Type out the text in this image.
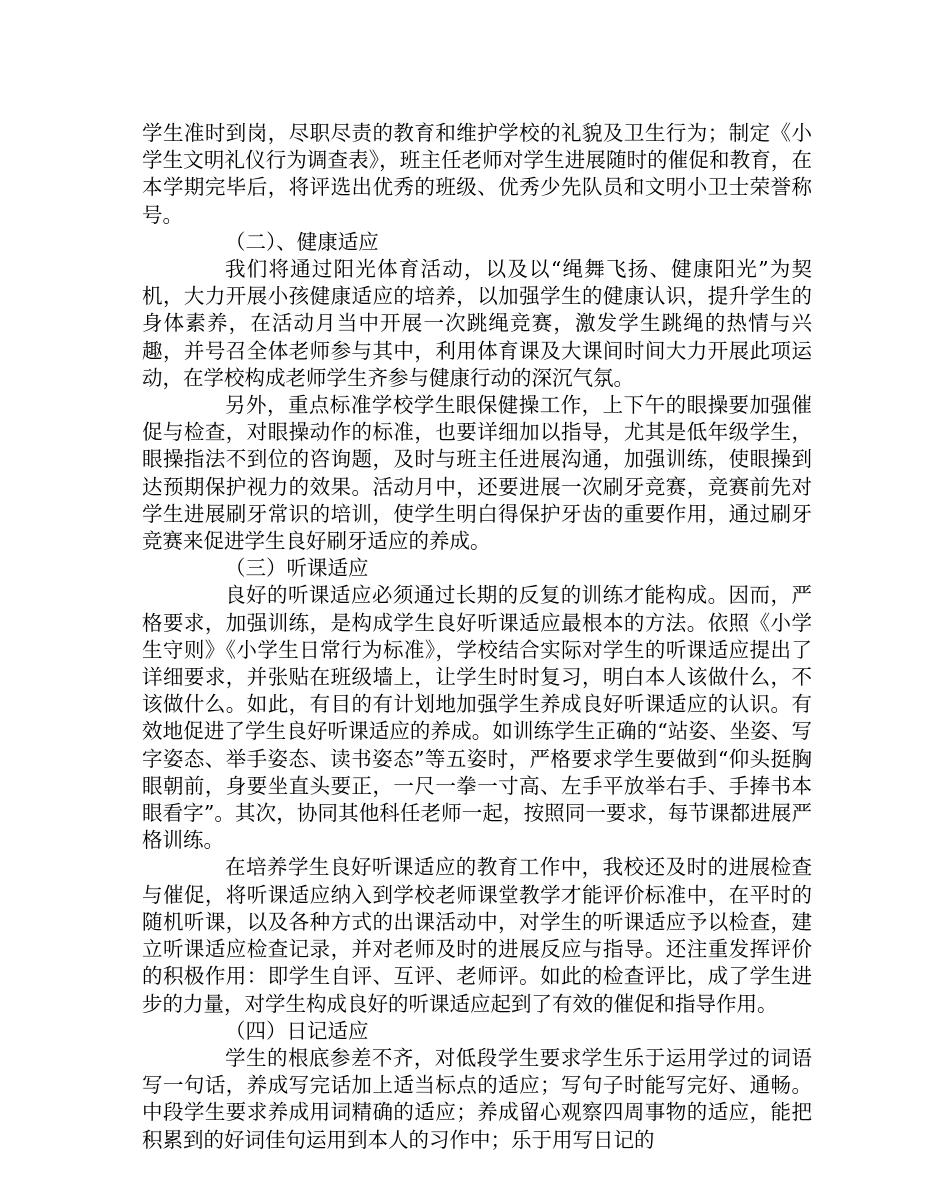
学生准时到岗，尽职尽责的教育和维护学校的礼貌及卫生行为；制定《小学生文明礼仪行为调查表》，班主任老师对学生进展随时的催促和教育，在本学期完毕后，将评选出优秀的班级、优秀少先队员和文明小卫士荣誉称号。

（二）、健康适应

我们将通过阳光体育活动，以及以“绳舞飞扬、健康阳光”为契机，大力开展小孩健康适应的培养，以加强学生的健康认识，提升学生的身体素养，在活动月当中开展一次跳绳竞赛，激发学生跳绳的热情与兴趣，并号召全体老师参与其中，利用体育课及大课间时间大力开展此项运动，在学校构成老师学生齐参与健康行动的深沉气氛。

另外，重点标准学校学生眼保健操工作，上下午的眼操要加强催促与检查，对眼操动作的标准，也要详细加以指导，尤其是低年级学生，眼操指法不到位的咨询题，及时与班主任进展沟通，加强训练，使眼操到达预期保护视力的效果。活动月中，还要进展一次刷牙竞赛，竞赛前先对学生进展刷牙常识的培训，使学生明白得保护牙齿的重要作用，通过刷牙竞赛来促进学生良好刷牙适应的养成。

（三）听课适应

良好的听课适应必须通过长期的反复的训练才能构成。因而，严格要求，加强训练，是构成学生良好听课适应最根本的方法。依照《小学生守则》《小学生日常行为标准》，学校结合实际对学生的听课适应提出了详细要求，并张贴在班级墙上，让学生时时复习，明白本人该做什么，不该做什么。如此，有目的有计划地加强学生养成良好听课适应的认识。有效地促进了学生良好听课适应的养成。如训练学生正确的“站姿、坐姿、写字姿态、举手姿态、读书姿态”等五姿时，严格要求学生要做到“仰头挺胸眼朝前，身要坐直头要正，一尺一拳一寸高、左手平放举右手、手捧书本眼看字”。其次，协同其他科任老师一起，按照同一要求，每节课都进展严格训练。

在培养学生良好听课适应的教育工作中，我校还及时的进展检查与催促，将听课适应纳入到学校老师课堂教学才能评价标准中，在平时的随机听课，以及各种方式的出课活动中，对学生的听课适应予以检查，建立听课适应检查记录，并对老师及时的进展反应与指导。还注重发挥评价的积极作用：即学生自评、互评、老师评。如此的检查评比，成了学生进步的力量，对学生构成良好的听课适应起到了有效的催促和指导作用。

（四）日记适应

学生的根底参差不齐，对低段学生要求学生乐于运用学过的词语写一句话，养成写完话加上适当标点的适应；写句子时能写完好、通畅。中段学生要求养成用词精确的适应；养成留心观察四周事物的适应，能把积累到的好词佳句运用到本人的习作中；乐于用写日记的
